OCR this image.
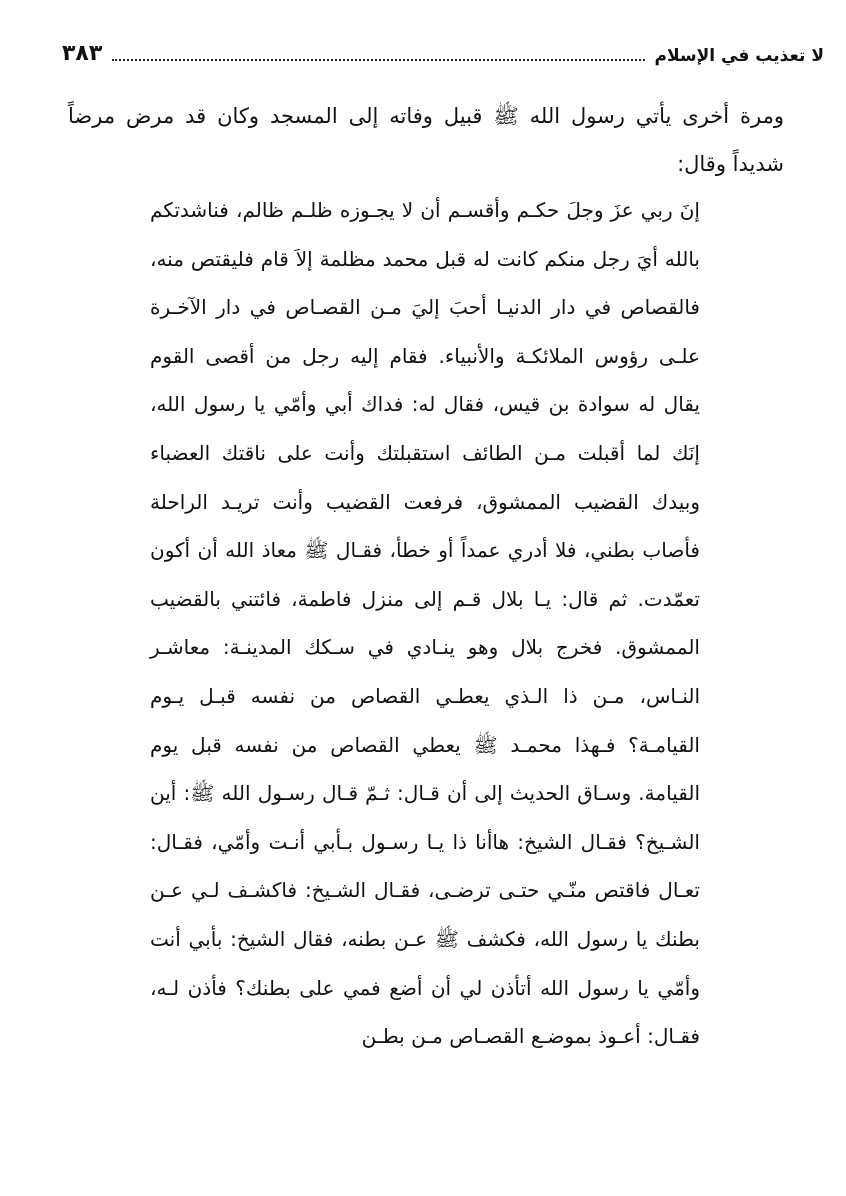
لا تعذيب في الإسلام
٣٨٣

ومرة أخرى يأتي رسول الله ﷺ قبيل وفاته إلى المسجد وكان قد مرض مرضاً شديداً وقال:

إنَ ربي عزَ وجلَ حكـم وأقسـم أن لا يجـوزه ظلـم ظالم، فناشدتكم بالله أيَ رجل منكم كانت له قبل محمد مظلمة إلاَ قام فليقتص منه، فالقصاص في دار الدنيـا أحبَ إليَ مـن القصـاص في دار الآخـرة علـى رؤوس الملائكـة والأنبياء. فقام إليه رجل من أقصى القوم يقال له سوادة بن قيس، فقال له: فداك أبي وأمّي يا رسول الله، إنَك لما أقبلت مـن الطائف استقبلتك وأنت على ناقتك العضباء وبيدك القضيب الممشوق، فرفعت القضيب وأنت تريـد الراحلة فأصاب بطني، فلا أدري عمداً أو خطأ، فقـال ﷺ معاذ الله أن أكون تعمّدت. ثم قال: يـا بلال قـم إلى منزل فاطمة، فائتني بالقضيب الممشوق. فخرج بلال وهو ينـادي في سـكك المدينـة: معاشـر النـاس، مـن ذا الـذي يعطـي القصاص من نفسه قبـل يـوم القيامـة؟ فـهذا محمـد ﷺ يعطي القصاص من نفسه قبل يوم القيامة. وسـاق الحديث إلى أن قـال: ثـمّ قـال رسـول الله ﷺ: أين الشـيخ؟ فقـال الشيخ: هاأنا ذا يـا رسـول بـأبي أنـت وأمّي، فقـال: تعـال فاقتص منّـي حتـى ترضـى، فقـال الشـيخ: فاكشـف لـي عـن بطنك يا رسول الله، فكشف ﷺ عـن بطنه، فقال الشيخ: بأبي أنت وأمّي يا رسول الله أتأذن لي أن أضع فمي على بطنك؟ فأذن لـه، فقـال: أعـوذ بموضـع القصـاص مـن بطـن
